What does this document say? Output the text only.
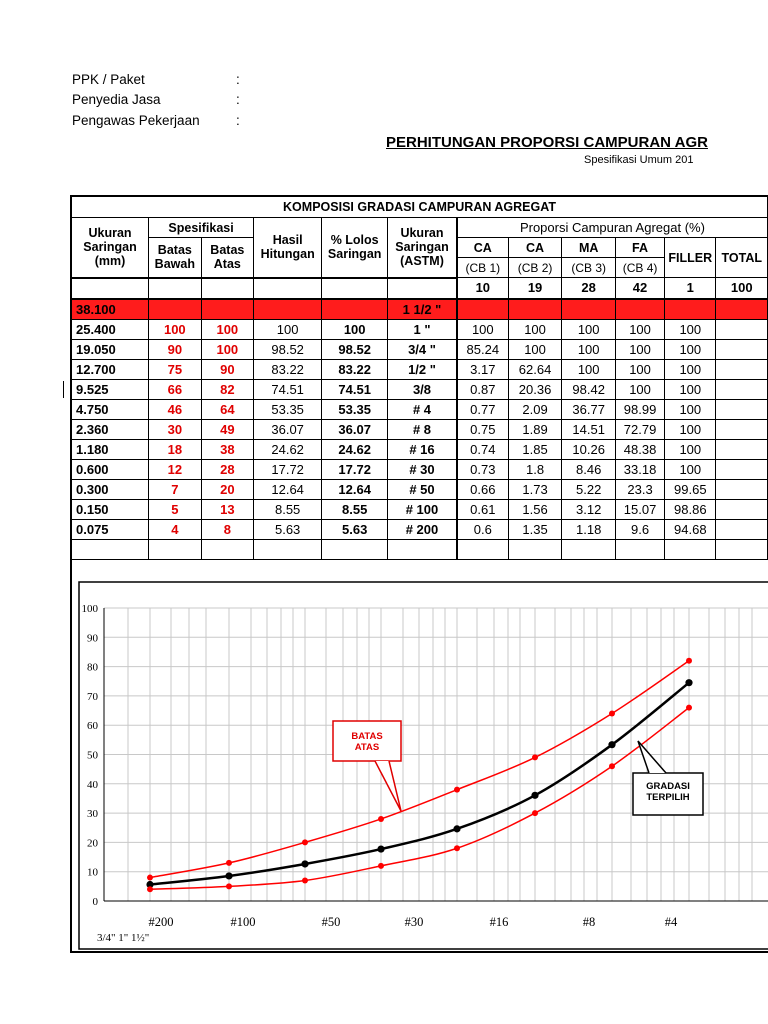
PPK / Paket	:
Penyedia Jasa	:
Pengawas Pekerjaan	:
PERHITUNGAN PROPORSI CAMPURAN AGR
Spesifikasi Umum 201
KOMPOSISI GRADASI CAMPURAN AGREGAT											
Ukuran Saringan (mm)	Spesifikasi		Hasil Hitungan	% Lolos Saringan	Ukuran Saringan (ASTM)	Proporsi Campuran Agregat (%)					
	Batas Bawah	Batas Atas				CA	CA	MA	FA	FILLER	TOTAL
						(CB 1)	(CB 2)	(CB 3)	(CB 4)		
						10	19	28	42	1	100
38.100					1 1/2 "						
25.400	100	100	100	100	1 "	100	100	100	100	100	
19.050	90	100	98.52	98.52	3/4 "	85.24	100	100	100	100	
12.700	75	90	83.22	83.22	1/2 "	3.17	62.64	100	100	100	
9.525	66	82	74.51	74.51	3/8	0.87	20.36	98.42	100	100	
4.750	46	64	53.35	53.35	# 4	0.77	2.09	36.77	98.99	100	
2.360	30	49	36.07	36.07	# 8	0.75	1.89	14.51	72.79	100	
1.180	18	38	24.62	24.62	# 16	0.74	1.85	10.26	48.38	100	
0.600	12	28	17.72	17.72	# 30	0.73	1.8	8.46	33.18	100	
0.300	7	20	12.64	12.64	# 50	0.66	1.73	5.22	23.3	99.65	
0.150	5	13	8.55	8.55	# 100	0.61	1.56	3.12	15.07	98.86	
0.075	4	8	5.63	5.63	# 200	0.6	1.35	1.18	9.6	94.68	

0
10
20
30
40
50
60
70
80
90
100
#200	#100	#50	#30	#16	#8	#4
3/4" 1" 1½"
BATAS
ATAS
GRADASI
TERPILIH
